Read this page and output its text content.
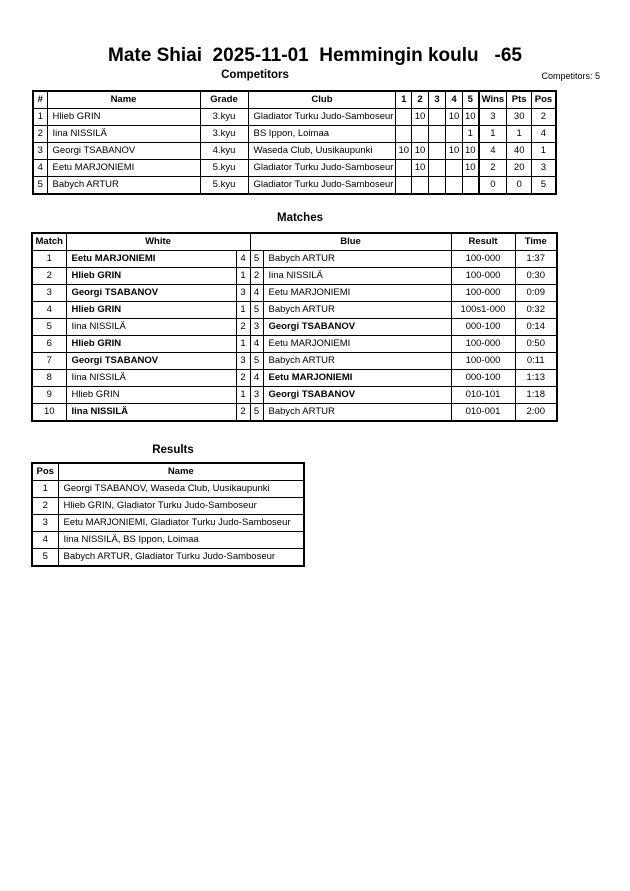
Mate Shiai  2025-11-01  Hemmingin koulu   -65
Competitors	Competitors: 5
#	Name	Grade	Club	1	2	3	4	5	Wins	Pts	Pos
1	Hlieb GRIN	3.kyu	Gladiator Turku Judo-Samboseur		10		10	10	3	30	2
2	Iina NISSILÄ	3.kyu	BS Ippon, Loimaa					1	1	1	4
3	Georgi TSABANOV	4.kyu	Waseda Club, Uusikaupunki	10	10		10	10	4	40	1
4	Eetu MARJONIEMI	5.kyu	Gladiator Turku Judo-Samboseur		10			10	2	20	3
5	Babych ARTUR	5.kyu	Gladiator Turku Judo-Samboseur						0	0	5
Matches
Match	White		Blue		Result	Time
1	Eetu MARJONIEMI	4	5	Babych ARTUR	100-000	1:37
2	Hlieb GRIN	1	2	Iina NISSILÄ	100-000	0:30
3	Georgi TSABANOV	3	4	Eetu MARJONIEMI	100-000	0:09
4	Hlieb GRIN	1	5	Babych ARTUR	100s1-000	0:32
5	Iina NISSILÄ	2	3	Georgi TSABANOV	000-100	0:14
6	Hlieb GRIN	1	4	Eetu MARJONIEMI	100-000	0:50
7	Georgi TSABANOV	3	5	Babych ARTUR	100-000	0:11
8	Iina NISSILÄ	2	4	Eetu MARJONIEMI	000-100	1:13
9	Hlieb GRIN	1	3	Georgi TSABANOV	010-101	1:18
10	Iina NISSILÄ	2	5	Babych ARTUR	010-001	2:00
Results
Pos	Name
1	Georgi TSABANOV, Waseda Club, Uusikaupunki
2	Hlieb GRIN, Gladiator Turku Judo-Samboseur
3	Eetu MARJONIEMI, Gladiator Turku Judo-Samboseur
4	Iina NISSILÄ, BS Ippon, Loimaa
5	Babych ARTUR, Gladiator Turku Judo-Samboseur
